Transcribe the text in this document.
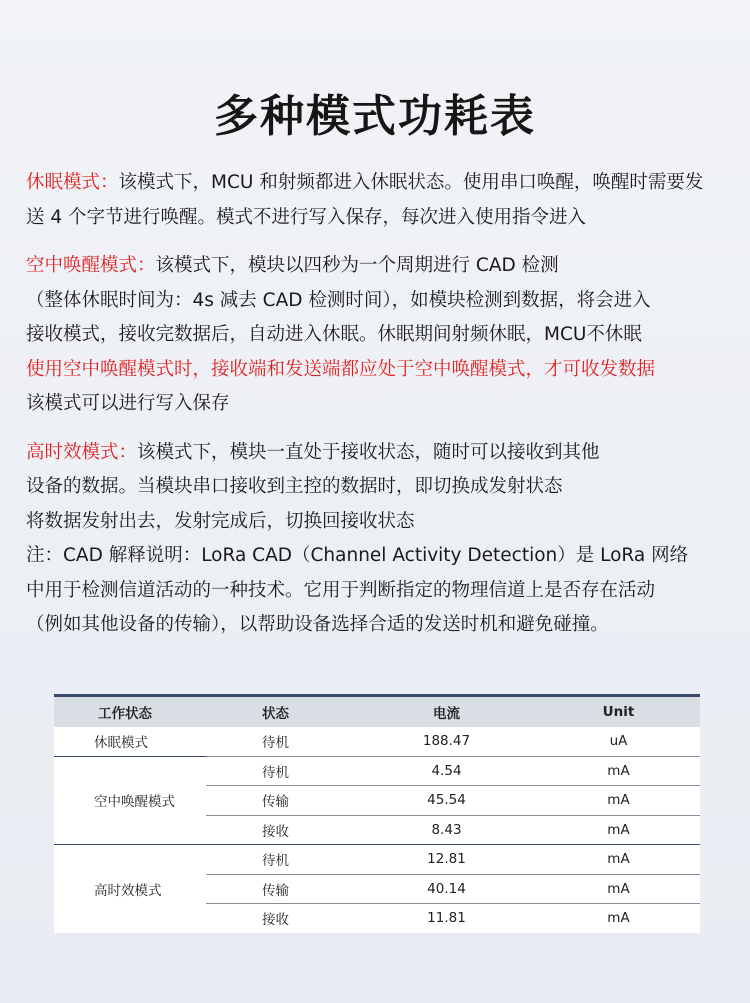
多种模式功耗表
休眠模式：该模式下，MCU 和射频都进入休眠状态。使用串口唤醒，唤醒时需要发
送 4 个字节进行唤醒。模式不进行写入保存，每次进入使用指令进入
空中唤醒模式：该模式下，模块以四秒为一个周期进行 CAD 检测
（整体休眠时间为：4s 减去 CAD 检测时间），如模块检测到数据，将会进入
接收模式，接收完数据后，自动进入休眠。休眠期间射频休眠，MCU不休眠
使用空中唤醒模式时，接收端和发送端都应处于空中唤醒模式，才可收发数据
该模式可以进行写入保存
高时效模式：该模式下，模块一直处于接收状态，随时可以接收到其他
设备的数据。当模块串口接收到主控的数据时，即切换成发射状态
将数据发射出去，发射完成后，切换回接收状态
注：CAD 解释说明：LoRa CAD（Channel Activity Detection）是 LoRa 网络
中用于检测信道活动的一种技术。它用于判断指定的物理信道上是否存在活动
（例如其他设备的传输），以帮助设备选择合适的发送时机和避免碰撞。
工作状态	状态	电流	Unit
休眠模式	待机	188.47	uA
空中唤醒模式	待机	4.54	mA
	传输	45.54	mA
	接收	8.43	mA
高时效模式	待机	12.81	mA
	传输	40.14	mA
	接收	11.81	mA
